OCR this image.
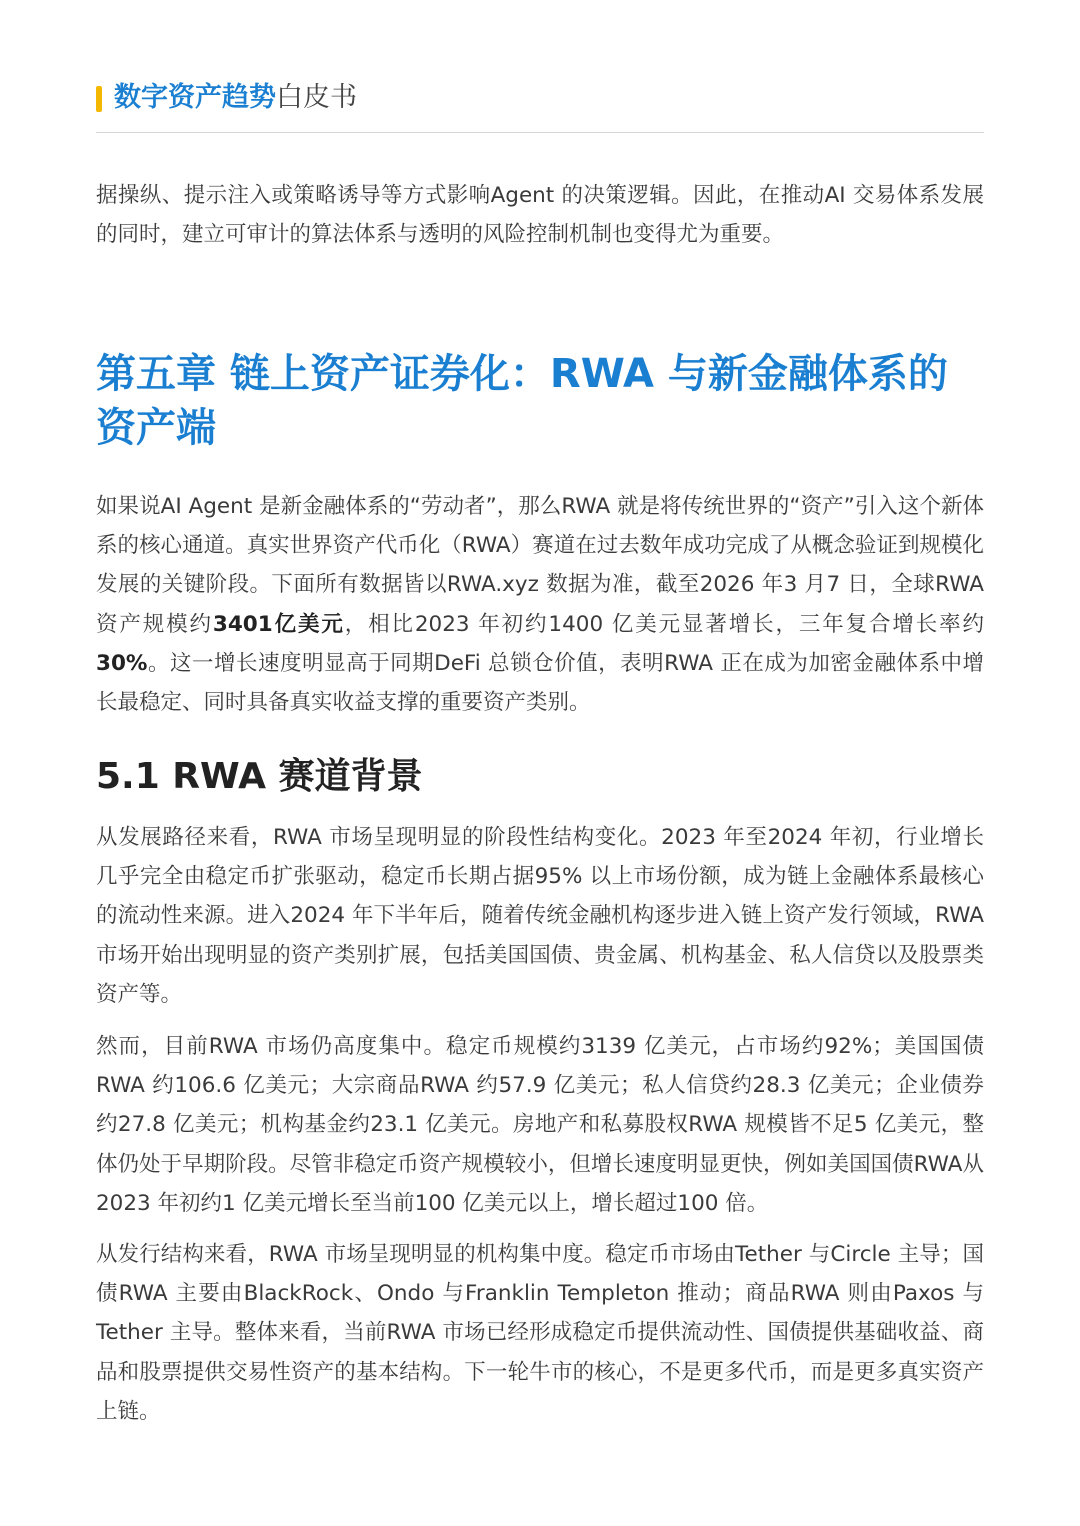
数字资产趋势白皮书

据操纵、提示注入或策略诱导等方式影响Agent 的决策逻辑。因此，在推动AI 交易体系发展的同时，建立可审计的算法体系与透明的风险控制机制也变得尤为重要。

第五章 链上资产证券化：RWA 与新金融体系的资产端

如果说AI Agent 是新金融体系的“劳动者”，那么RWA 就是将传统世界的“资产”引入这个新体系的核心通道。真实世界资产代币化（RWA）赛道在过去数年成功完成了从概念验证到规模化发展的关键阶段。下面所有数据皆以RWA.xyz 数据为准，截至2026 年3 月7 日，全球RWA 资产规模约3401亿美元，相比2023 年初约1400 亿美元显著增长，三年复合增长率约30%。这一增长速度明显高于同期DeFi 总锁仓价值，表明RWA 正在成为加密金融体系中增长最稳定、同时具备真实收益支撑的重要资产类别。

5.1 RWA 赛道背景

从发展路径来看，RWA 市场呈现明显的阶段性结构变化。2023 年至2024 年初，行业增长几乎完全由稳定币扩张驱动，稳定币长期占据95% 以上市场份额，成为链上金融体系最核心的流动性来源。进入2024 年下半年后，随着传统金融机构逐步进入链上资产发行领域，RWA市场开始出现明显的资产类别扩展，包括美国国债、贵金属、机构基金、私人信贷以及股票类资产等。

然而，目前RWA 市场仍高度集中。稳定币规模约3139 亿美元，占市场约92%；美国国债RWA 约106.6 亿美元；大宗商品RWA 约57.9 亿美元；私人信贷约28.3 亿美元；企业债券约27.8 亿美元；机构基金约23.1 亿美元。房地产和私募股权RWA 规模皆不足5 亿美元，整体仍处于早期阶段。尽管非稳定币资产规模较小，但增长速度明显更快，例如美国国债RWA从2023 年初约1 亿美元增长至当前100 亿美元以上，增长超过100 倍。

从发行结构来看，RWA 市场呈现明显的机构集中度。稳定币市场由Tether 与Circle 主导；国债RWA 主要由BlackRock、Ondo 与Franklin Templeton 推动；商品RWA 则由Paxos 与Tether 主导。整体来看，当前RWA 市场已经形成稳定币提供流动性、国债提供基础收益、商品和股票提供交易性资产的基本结构。下一轮牛市的核心，不是更多代币，而是更多真实资产上链。
